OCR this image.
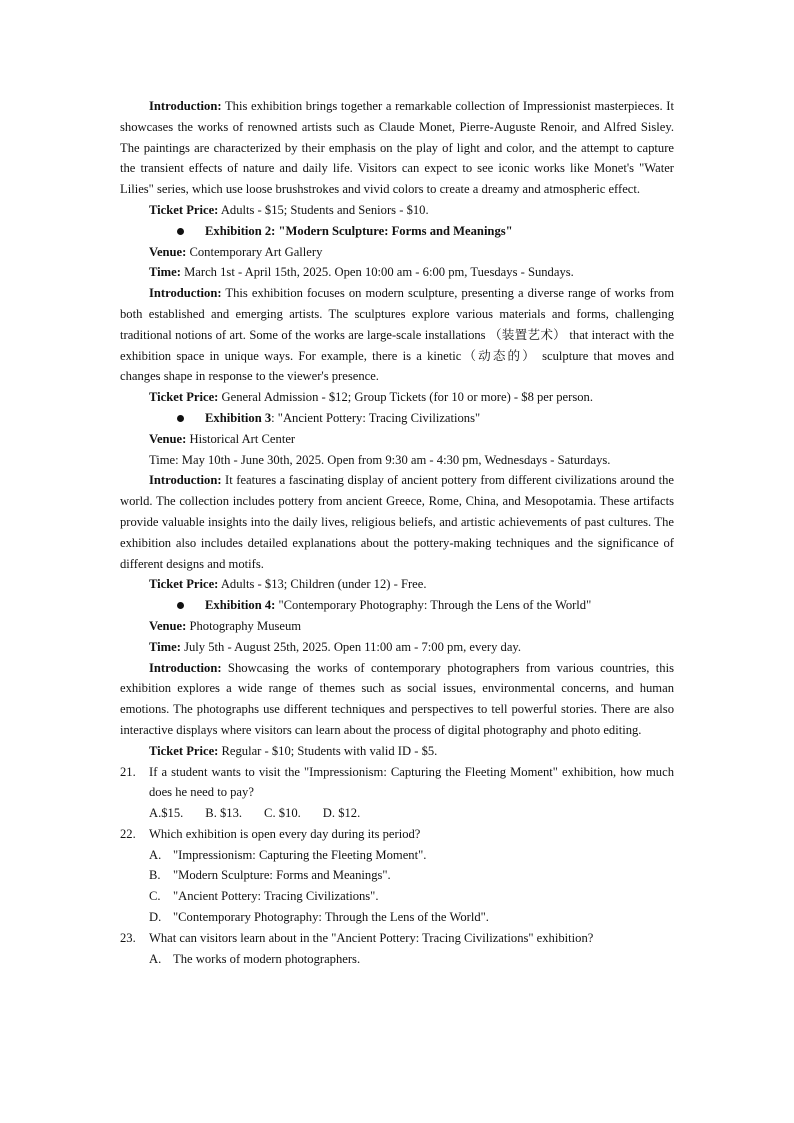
Introduction: This exhibition brings together a remarkable collection of Impressionist masterpieces. It showcases the works of renowned artists such as Claude Monet, Pierre-Auguste Renoir, and Alfred Sisley. The paintings are characterized by their emphasis on the play of light and color, and the attempt to capture the transient effects of nature and daily life. Visitors can expect to see iconic works like Monet's "Water Lilies" series, which use loose brushstrokes and vivid colors to create a dreamy and atmospheric effect.

Ticket Price: Adults - $15; Students and Seniors - $10.

Exhibition 2: "Modern Sculpture: Forms and Meanings"

Venue: Contemporary Art Gallery

Time: March 1st - April 15th, 2025. Open 10:00 am - 6:00 pm, Tuesdays - Sundays.

Introduction: This exhibition focuses on modern sculpture, presenting a diverse range of works from both established and emerging artists. The sculptures explore various materials and forms, challenging traditional notions of art. Some of the works are large-scale installations （装置艺术） that interact with the exhibition space in unique ways. For example, there is a kinetic（动态的） sculpture that moves and changes shape in response to the viewer's presence.

Ticket Price: General Admission - $12; Group Tickets (for 10 or more) - $8 per person.

Exhibition 3: "Ancient Pottery: Tracing Civilizations"

Venue: Historical Art Center

Time: May 10th - June 30th, 2025. Open from 9:30 am - 4:30 pm, Wednesdays - Saturdays.

Introduction: It features a fascinating display of ancient pottery from different civilizations around the world. The collection includes pottery from ancient Greece, Rome, China, and Mesopotamia. These artifacts provide valuable insights into the daily lives, religious beliefs, and artistic achievements of past cultures. The exhibition also includes detailed explanations about the pottery-making techniques and the significance of different designs and motifs.

Ticket Price: Adults - $13; Children (under 12) - Free.

Exhibition 4: "Contemporary Photography: Through the Lens of the World"

Venue: Photography Museum

Time: July 5th - August 25th, 2025. Open 11:00 am - 7:00 pm, every day.

Introduction: Showcasing the works of contemporary photographers from various countries, this exhibition explores a wide range of themes such as social issues, environmental concerns, and human emotions. The photographs use different techniques and perspectives to tell powerful stories. There are also interactive displays where visitors can learn about the process of digital photography and photo editing.

Ticket Price: Regular - $10; Students with valid ID - $5.

21. If a student wants to visit the "Impressionism: Capturing the Fleeting Moment" exhibition, how much does he need to pay?

A.$15. B. $13. C. $10. D. $12.

22. Which exhibition is open every day during its period?

A. "Impressionism: Capturing the Fleeting Moment".

B. "Modern Sculpture: Forms and Meanings".

C. "Ancient Pottery: Tracing Civilizations".

D. "Contemporary Photography: Through the Lens of the World".

23. What can visitors learn about in the "Ancient Pottery: Tracing Civilizations" exhibition?

A. The works of modern photographers.
